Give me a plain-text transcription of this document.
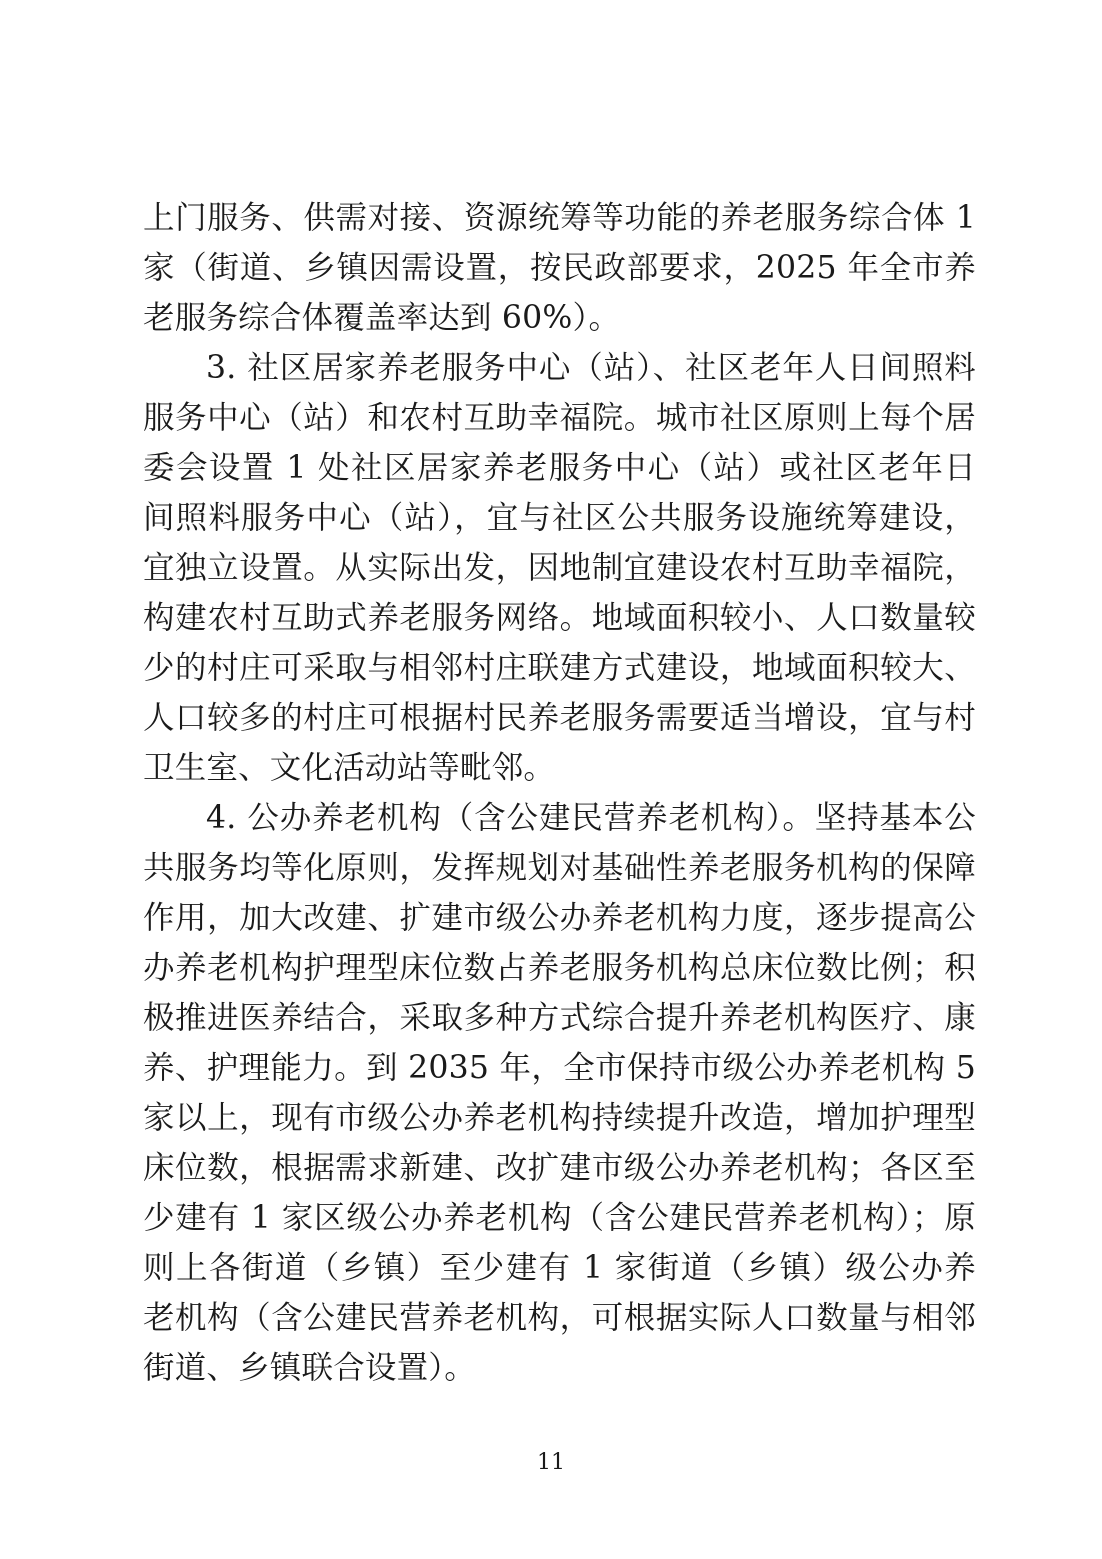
上门服务、供需对接、资源统筹等功能的养老服务综合体 1 家（街道、乡镇因需设置，按民政部要求，2025 年全市养老服务综合体覆盖率达到 60%）。

3. 社区居家养老服务中心（站）、社区老年人日间照料服务中心（站）和农村互助幸福院。城市社区原则上每个居委会设置 1 处社区居家养老服务中心（站）或社区老年日间照料服务中心（站），宜与社区公共服务设施统筹建设，宜独立设置。从实际出发，因地制宜建设农村互助幸福院，构建农村互助式养老服务网络。地域面积较小、人口数量较少的村庄可采取与相邻村庄联建方式建设，地域面积较大、人口较多的村庄可根据村民养老服务需要适当增设，宜与村卫生室、文化活动站等毗邻。

4. 公办养老机构（含公建民营养老机构）。坚持基本公共服务均等化原则，发挥规划对基础性养老服务机构的保障作用，加大改建、扩建市级公办养老机构力度，逐步提高公办养老机构护理型床位数占养老服务机构总床位数比例；积极推进医养结合，采取多种方式综合提升养老机构医疗、康养、护理能力。到 2035 年，全市保持市级公办养老机构 5 家以上，现有市级公办养老机构持续提升改造，增加护理型床位数，根据需求新建、改扩建市级公办养老机构；各区至少建有 1 家区级公办养老机构（含公建民营养老机构）；原则上各街道（乡镇）至少建有 1 家街道（乡镇）级公办养老机构（含公建民营养老机构，可根据实际人口数量与相邻街道、乡镇联合设置）。

11
